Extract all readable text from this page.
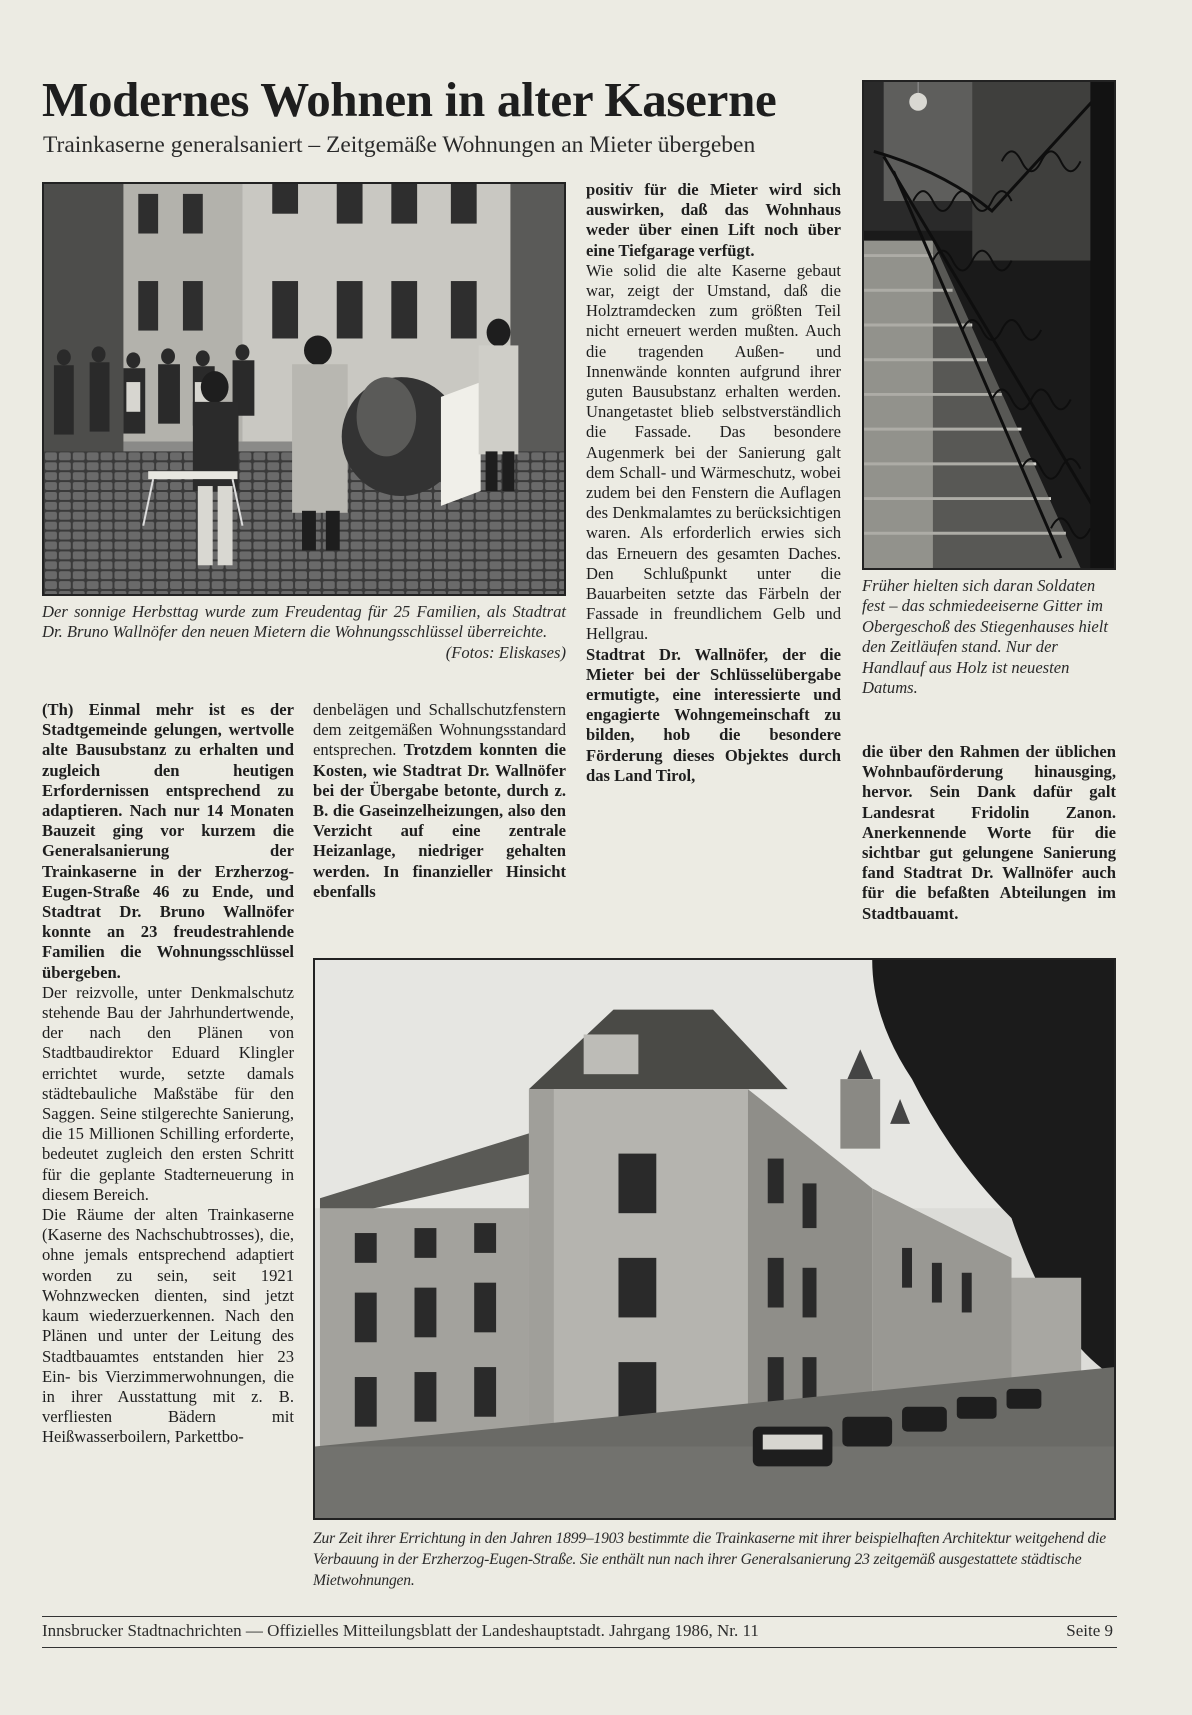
Modernes Wohnen in alter Kaserne
Trainkaserne generalsaniert – Zeitgemäße Wohnungen an Mieter übergeben
Der sonnige Herbsttag wurde zum Freudentag für 25 Familien, als Stadtrat Dr. Bruno Wallnöfer den neuen Mietern die Wohnungsschlüssel überreichte.
(Fotos: Eliskases)
Früher hielten sich daran Soldaten fest – das schmiedeeiserne Gitter im Obergeschoß des Stiegenhauses hielt den Zeitläufen stand. Nur der Handlauf aus Holz ist neuesten Datums.

(Th) Einmal mehr ist es der Stadtgemeinde gelungen, wertvolle alte Bausubstanz zu erhalten und zugleich den heutigen Erfordernissen entsprechend zu adaptieren. Nach nur 14 Monaten Bauzeit ging vor kurzem die Generalsanierung der Trainkaserne in der Erzherzog-Eugen-Straße 46 zu Ende, und Stadtrat Dr. Bruno Wallnöfer konnte an 23 freudestrahlende Familien die Wohnungsschlüssel übergeben.

Der reizvolle, unter Denkmalschutz stehende Bau der Jahrhundertwende, der nach den Plänen von Stadtbaudirektor Eduard Klingler errichtet wurde, setzte damals städtebauliche Maßstäbe für den Saggen. Seine stilgerechte Sanierung, die 15 Millionen Schilling erforderte, bedeutet zugleich den ersten Schritt für die geplante Stadterneuerung in diesem Bereich.

Die Räume der alten Trainkaserne (Kaserne des Nachschubtrosses), die, ohne jemals entsprechend adaptiert worden zu sein, seit 1921 Wohnzwecken dienten, sind jetzt kaum wiederzuerkennen. Nach den Plänen und unter der Leitung des Stadtbauamtes entstanden hier 23 Ein- bis Vierzimmerwohnungen, die in ihrer Ausstattung mit z. B. verfliesten Bädern mit Heißwasserboilern, Parkettbo-

denbelägen und Schallschutzfenstern dem zeitgemäßen Wohnungsstandard entsprechen. Trotzdem konnten die Kosten, wie Stadtrat Dr. Wallnöfer bei der Übergabe betonte, durch z. B. die Gaseinzelheizungen, also den Verzicht auf eine zentrale Heizanlage, niedriger gehalten werden. In finanzieller Hinsicht ebenfalls

positiv für die Mieter wird sich auswirken, daß das Wohnhaus weder über einen Lift noch über eine Tiefgarage verfügt.

Wie solid die alte Kaserne gebaut war, zeigt der Umstand, daß die Holztramdecken zum größten Teil nicht erneuert werden mußten. Auch die tragenden Außen- und Innenwände konnten aufgrund ihrer guten Bausubstanz erhalten werden. Unangetastet blieb selbstverständlich die Fassade. Das besondere Augenmerk bei der Sanierung galt dem Schall- und Wärmeschutz, wobei zudem bei den Fenstern die Auflagen des Denkmalamtes zu berücksichtigen waren. Als erforderlich erwies sich das Erneuern des gesamten Daches. Den Schlußpunkt unter die Bauarbeiten setzte das Färbeln der Fassade in freundlichem Gelb und Hellgrau.

Stadtrat Dr. Wallnöfer, der die Mieter bei der Schlüsselübergabe ermutigte, eine interessierte und engagierte Wohngemeinschaft zu bilden, hob die besondere Förderung dieses Objektes durch das Land Tirol,

die über den Rahmen der üblichen Wohnbauförderung hinausging, hervor. Sein Dank dafür galt Landesrat Fridolin Zanon. Anerkennende Worte für die sichtbar gut gelungene Sanierung fand Stadtrat Dr. Wallnöfer auch für die befaßten Abteilungen im Stadtbauamt.

Zur Zeit ihrer Errichtung in den Jahren 1899–1903 bestimmte die Trainkaserne mit ihrer beispielhaften Architektur weitgehend die Verbauung in der Erzherzog-Eugen-Straße. Sie enthält nun nach ihrer Generalsanierung 23 zeitgemäß ausgestattete städtische Mietwohnungen.
Innsbrucker Stadtnachrichten — Offizielles Mitteilungsblatt der Landeshauptstadt. Jahrgang 1986, Nr. 11	Seite 9
